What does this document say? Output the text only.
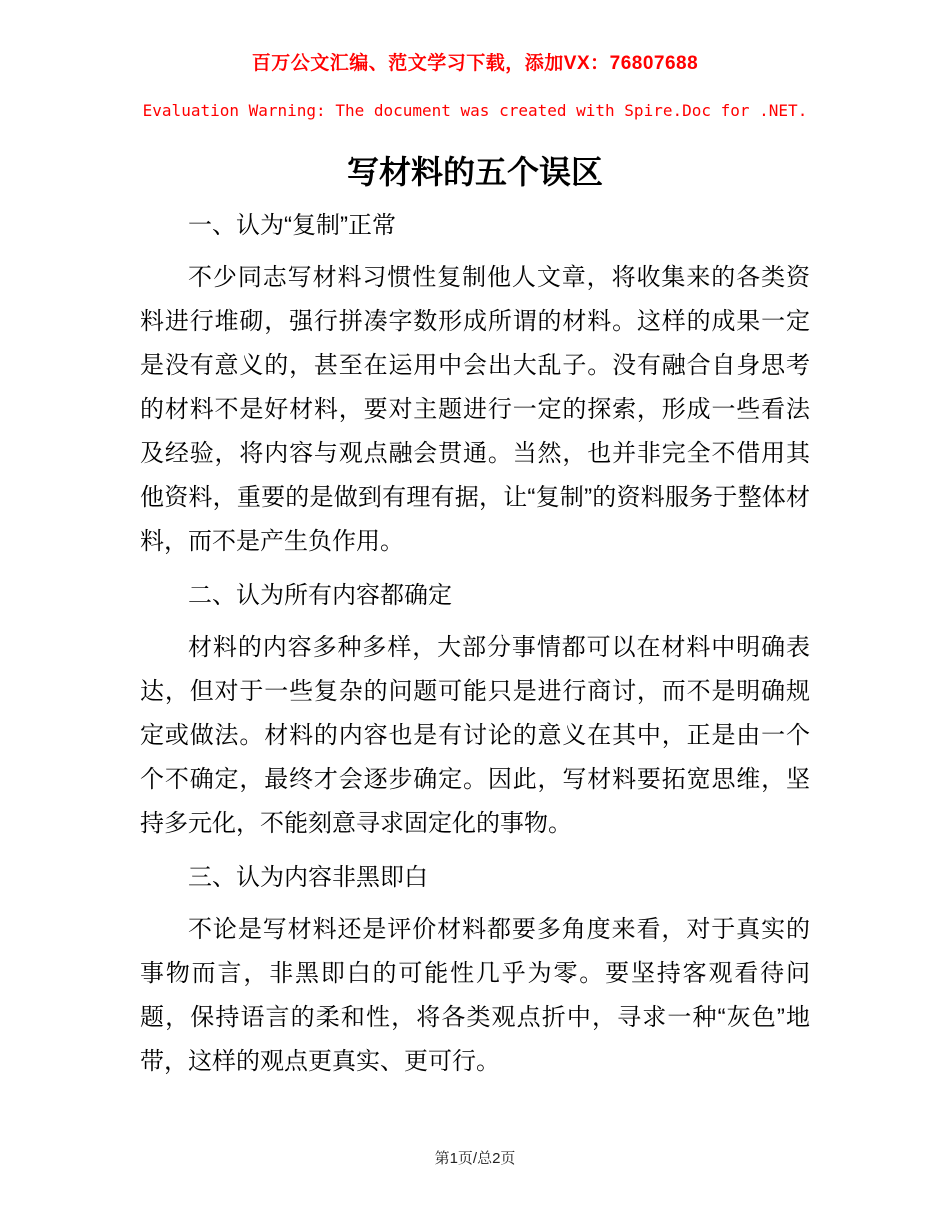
百万公文汇编、范文学习下载，添加VX：76807688
Evaluation Warning: The document was created with Spire.Doc for .NET.
写材料的五个误区
一、认为“复制”正常
不少同志写材料习惯性复制他人文章，将收集来的各类资料进行堆砌，强行拼凑字数形成所谓的材料。这样的成果一定是没有意义的，甚至在运用中会出大乱子。没有融合自身思考的材料不是好材料，要对主题进行一定的探索，形成一些看法及经验，将内容与观点融会贯通。当然，也并非完全不借用其他资料，重要的是做到有理有据，让“复制”的资料服务于整体材料，而不是产生负作用。
二、认为所有内容都确定
材料的内容多种多样，大部分事情都可以在材料中明确表达，但对于一些复杂的问题可能只是进行商讨，而不是明确规定或做法。材料的内容也是有讨论的意义在其中，正是由一个个不确定，最终才会逐步确定。因此，写材料要拓宽思维，坚持多元化，不能刻意寻求固定化的事物。
三、认为内容非黑即白
不论是写材料还是评价材料都要多角度来看，对于真实的事物而言，非黑即白的可能性几乎为零。要坚持客观看待问题，保持语言的柔和性，将各类观点折中，寻求一种“灰色”地带，这样的观点更真实、更可行。
第1页/总2页
